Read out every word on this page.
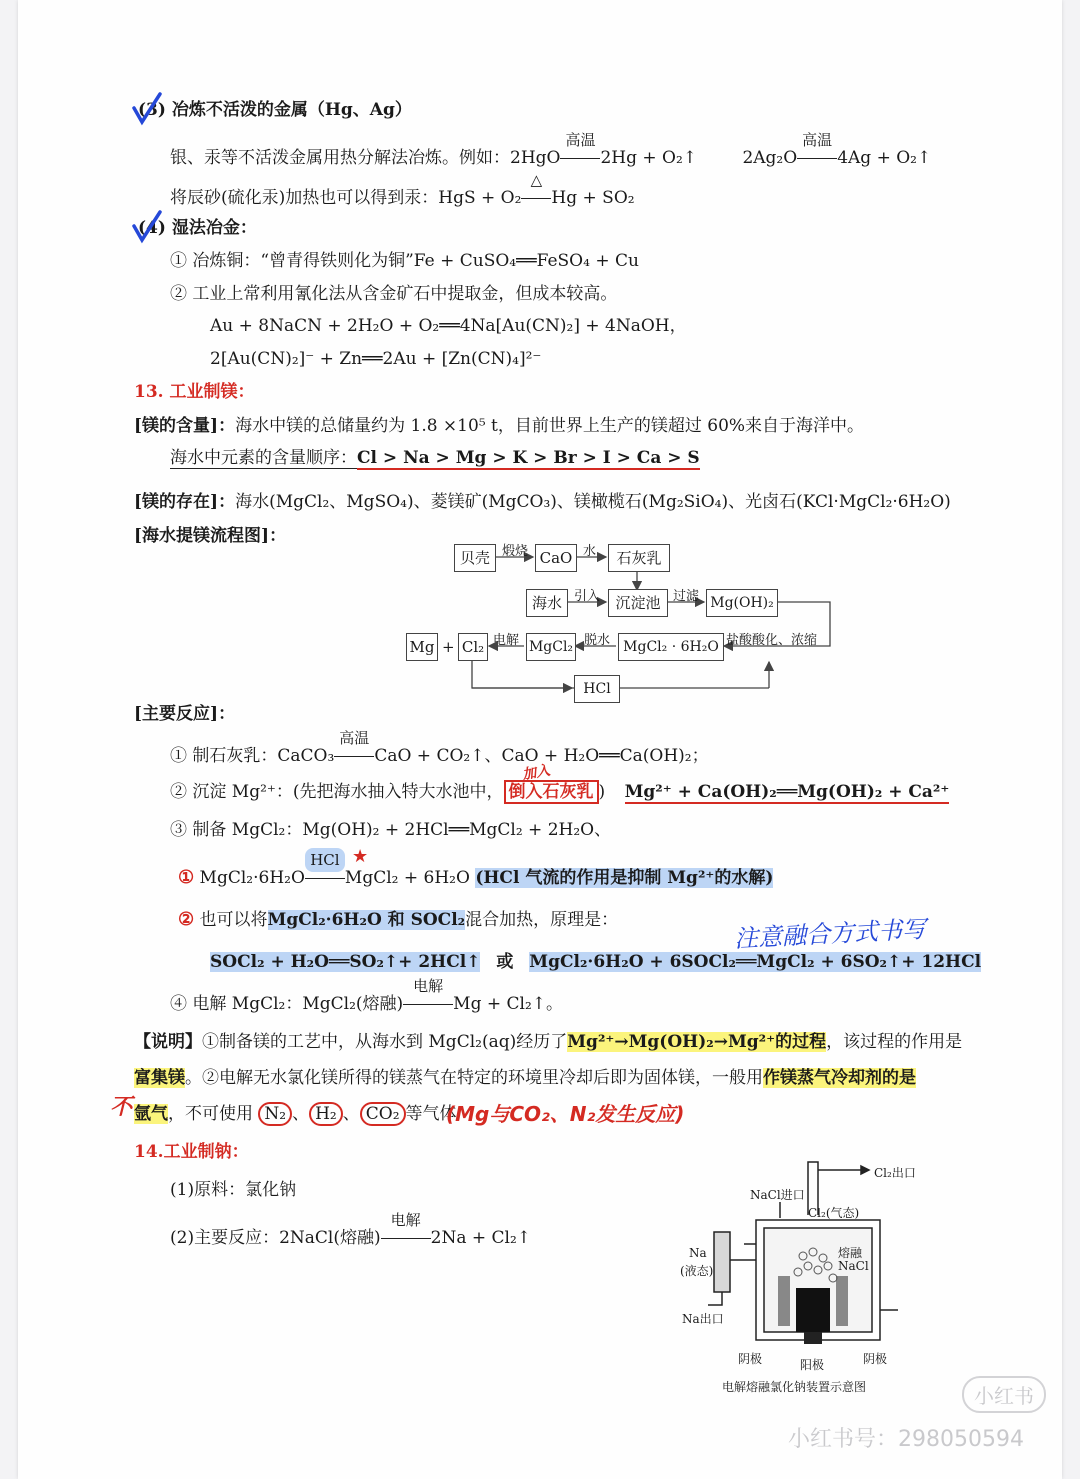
(3) 冶炼不活泼的金属（Hg、Ag）
银、汞等不活泼金属用热分解法冶炼。例如：2HgO
高温
2Hg + O₂↑	2Ag₂O
高温
4Ag + O₂↑
将辰砂(硫化汞)加热也可以得到汞：HgS + O₂
△
Hg + SO₂
(4) 湿法冶金：
① 冶炼铜：“曾青得铁则化为铜”Fe + CuSO₄══FeSO₄ + Cu
② 工业上常利用氰化法从含金矿石中提取金，但成本较高。
Au + 8NaCN + 2H₂O + O₂══4Na[Au(CN)₂] + 4NaOH，
2[Au(CN)₂]⁻ + Zn══2Au + [Zn(CN)₄]²⁻
13. 工业制镁：
[镁的含量]：海水中镁的总储量约为 1.8 ×10⁵ t，目前世界上生产的镁超过 60%来自于海洋中。
海水中元素的含量顺序：Cl > Na > Mg > K > Br > I > Ca > S
[镁的存在]：海水(MgCl₂、MgSO₄)、菱镁矿(MgCO₃)、镁橄榄石(Mg₂SiO₄)、光卤石(KCl·MgCl₂·6H₂O)
[海水提镁流程图]：
贝壳 煅烧 CaO 水	石灰乳
海水 引入	沉淀池 过滤 Mg(OH)₂
Mg + Cl₂ 电解 MgCl₂ 脱水 MgCl₂ · 6H₂O 盐酸酸化、浓缩
HCl
[主要反应]：
① 制石灰乳：CaCO₃
高温
CaO + CO₂↑、CaO + H₂O══Ca(OH)₂；
② 沉淀 Mg²⁺：(先把海水抽入特大水池中， 倒入石灰乳 ) Mg²⁺ + Ca(OH)₂══Mg(OH)₂ + Ca²⁺
加入
③ 制备 MgCl₂：Mg(OH)₂ + 2HCl══MgCl₂ + 2H₂O、
① MgCl₂·6H₂O
HCl
MgCl₂ + 6H₂O (HCl 气流的作用是抑制 Mg²⁺的水解)
★
② 也可以将MgCl₂·6H₂O 和 SOCl₂混合加热，原理是：	注意融合方式书写
SOCl₂ + H₂O══SO₂↑+ 2HCl↑ 或 MgCl₂·6H₂O + 6SOCl₂══MgCl₂ + 6SO₂↑+ 12HCl
④ 电解 MgCl₂：MgCl₂(熔融)
电解
Mg + Cl₂↑。
【说明】①制备镁的工艺中，从海水到 MgCl₂(aq)经历了Mg²⁺→Mg(OH)₂→Mg²⁺的过程，该过程的作用是
富集镁。②电解无水氯化镁所得的镁蒸气在特定的环境里冷却后即为固体镁，一般用作镁蒸气冷却剂的是
氩气，不可使用 N₂ 、 H₂ 、 CO₂ 等气体
不	(Mg与CO₂、N₂发生反应)
14.工业制钠：
(1)原料：氯化钠
(2)主要反应：2NaCl(熔融)
电解
2Na + Cl₂↑
Cl₂出口
NaCl进口
Cl₂(气态)
熔融
NaCl
Na
(液态)
Na出口
阴极	阳极	阴极
电解熔融氯化钠装置示意图	小红书
小红书号：298050594
